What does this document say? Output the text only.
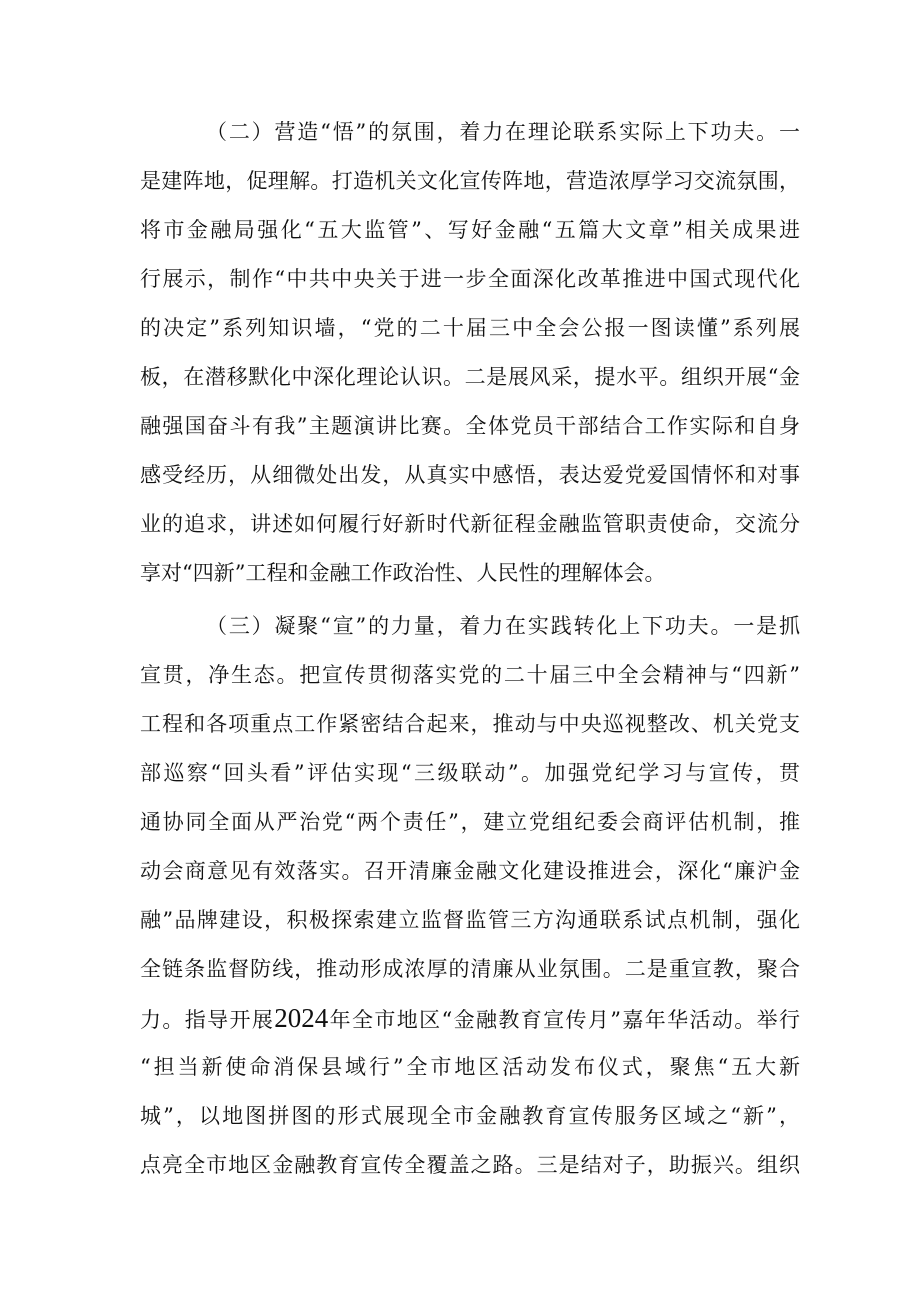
（二）营造“悟”的氛围，着力在理论联系实际上下功夫。一
是建阵地，促理解。打造机关文化宣传阵地，营造浓厚学习交流氛围，
将市金融局强化“五大监管”、写好金融“五篇大文章”相关成果进
行展示，制作“中共中央关于进一步全面深化改革推进中国式现代化
的决定”系列知识墙，“党的二十届三中全会公报一图读懂”系列展
板，在潜移默化中深化理论认识。二是展风采，提水平。组织开展“金
融强国奋斗有我”主题演讲比赛。全体党员干部结合工作实际和自身
感受经历，从细微处出发，从真实中感悟，表达爱党爱国情怀和对事
业的追求，讲述如何履行好新时代新征程金融监管职责使命，交流分
享对“四新”工程和金融工作政治性、人民性的理解体会。
（三）凝聚“宣”的力量，着力在实践转化上下功夫。一是抓
宣贯，净生态。把宣传贯彻落实党的二十届三中全会精神与“四新”
工程和各项重点工作紧密结合起来，推动与中央巡视整改、机关党支
部巡察“回头看”评估实现“三级联动”。加强党纪学习与宣传，贯
通协同全面从严治党“两个责任”，建立党组纪委会商评估机制，推
动会商意见有效落实。召开清廉金融文化建设推进会，深化“廉沪金
融”品牌建设，积极探索建立监督监管三方沟通联系试点机制，强化
全链条监督防线，推动形成浓厚的清廉从业氛围。二是重宣教，聚合
力。指导开展2024年全市地区“金融教育宣传月”嘉年华活动。举行
“担当新使命消保县域行”全市地区活动发布仪式，聚焦“五大新
城”，以地图拼图的形式展现全市金融教育宣传服务区域之“新”，
点亮全市地区金融教育宣传全覆盖之路。三是结对子，助振兴。组织
